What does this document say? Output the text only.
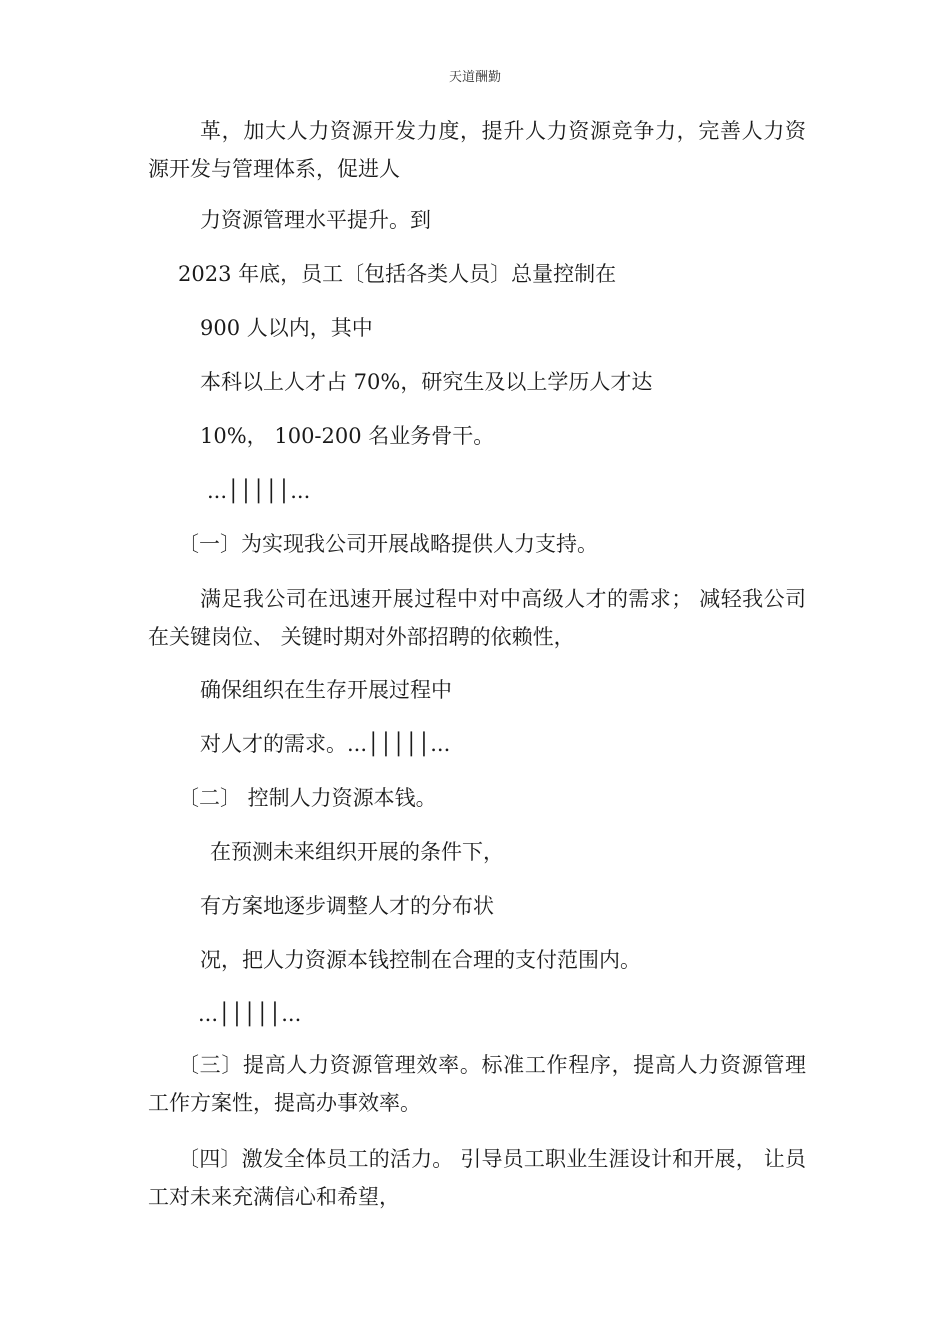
天道酬勤
革，加大人力资源开发力度，提升人力资源竞争力，完善人力资源开发与管理体系，促进人
力资源管理水平提升。到
2023 年底，员工〔包括各类人员〕总量控制在
900 人以内，其中
本科以上人才占 70%，研究生及以上学历人才达
10%， 100-200 名业务骨干。
...│││││...
〔一〕为实现我公司开展战略提供人力支持。
满足我公司在迅速开展过程中对中高级人才的需求； 减轻我公司在关键岗位、 关键时期对外部招聘的依赖性，
确保组织在生存开展过程中
对人才的需求。...│││││...
〔二〕 控制人力资源本钱。
在预测未来组织开展的条件下，
有方案地逐步调整人才的分布状
况，把人力资源本钱控制在合理的支付范围内。
...│││││...
〔三〕提高人力资源管理效率。标准工作程序，提高人力资源管理工作方案性，提高办事效率。
〔四〕激发全体员工的活力。 引导员工职业生涯设计和开展， 让员工对未来充满信心和希望，
